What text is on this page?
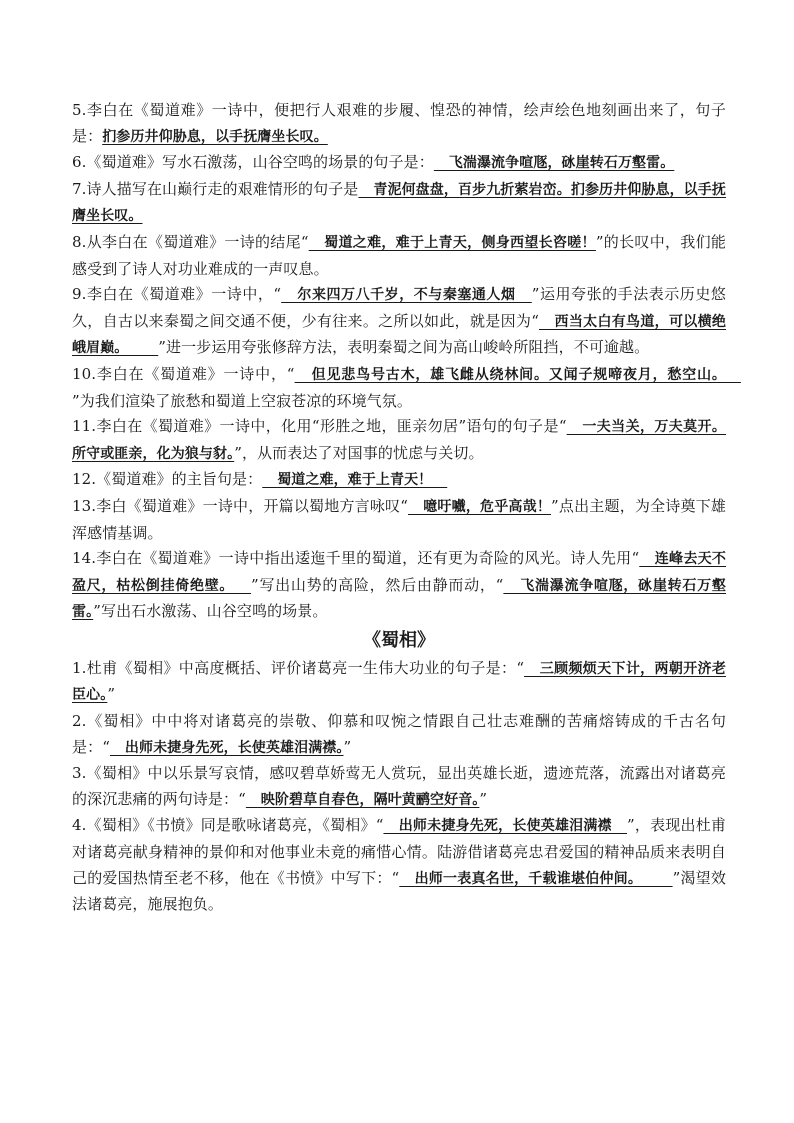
5.李白在《蜀道难》一诗中，便把行人艰难的步履、惶恐的神情，绘声绘色地刻画出来了，句子是：扪参历井仰胁息，以手抚膺坐长叹。

6.《蜀道难》写水石激荡，山谷空鸣的场景的句子是：   飞湍瀑流争喧豗，砯崖转石万壑雷。

7.诗人描写在山巅行走的艰难情形的句子是   青泥何盘盘，百步九折萦岩峦。扪参历井仰胁息，以手抚膺坐长叹。

8.从李白在《蜀道难》一诗的结尾“   蜀道之难，难于上青天，侧身西望长咨嗟！”的长叹中，我们能感受到了诗人对功业难成的一声叹息。

9.李白在《蜀道难》一诗中，“   尔来四万八千岁，不与秦塞通人烟   ”运用夸张的手法表示历史悠久，自古以来秦蜀之间交通不便，少有往来。之所以如此，就是因为“   西当太白有鸟道，可以横绝峨眉巅。      ”进一步运用夸张修辞方法，表明秦蜀之间为高山峻岭所阻挡，不可逾越。

10.李白在《蜀道难》一诗中，“   但见悲鸟号古木，雄飞雌从绕林间。又闻子规啼夜月，愁空山。   ”为我们渲染了旅愁和蜀道上空寂苍凉的环境气氛。

11.李白在《蜀道难》一诗中，化用“形胜之地，匪亲勿居”语句的句子是“   一夫当关，万夫莫开。所守或匪亲，化为狼与豺。”，从而表达了对国事的忧虑与关切。

12.《蜀道难》的主旨句是：   蜀道之难，难于上青天！

13.李白《蜀道难》一诗中，开篇以蜀地方言咏叹“   噫吁嚱，危乎高哉！”点出主题，为全诗奠下雄浑感情基调。

14.李白在《蜀道难》一诗中指出逶迤千里的蜀道，还有更为奇险的风光。诗人先用“   连峰去天不盈尺，枯松倒挂倚绝壁。   ”写出山势的高险，然后由静而动，“   飞湍瀑流争喧豗，砯崖转石万壑雷。”写出石水激荡、山谷空鸣的场景。

《蜀相》

1.杜甫《蜀相》中高度概括、评价诸葛亮一生伟大功业的句子是：“   三顾频烦天下计，两朝开济老臣心。”

2.《蜀相》中中将对诸葛亮的崇敬、仰慕和叹惋之情跟自己壮志难酬的苦痛熔铸成的千古名句是：“   出师未捷身先死，长使英雄泪满襟。”

3.《蜀相》中以乐景写哀情，感叹碧草娇莺无人赏玩，显出英雄长逝，遗迹荒落，流露出对诸葛亮的深沉悲痛的两句诗是：“   映阶碧草自春色，隔叶黄鹂空好音。”

4.《蜀相》《书愤》同是歌咏诸葛亮，《蜀相》“   出师未捷身先死，长使英雄泪满襟   ”，表现出杜甫对诸葛亮献身精神的景仰和对他事业未竟的痛惜心情。陆游借诸葛亮忠君爱国的精神品质来表明自己的爱国热情至老不移，他在《书愤》中写下：“   出师一表真名世，千载谁堪伯仲间。      ”渴望效法诸葛亮，施展抱负。
